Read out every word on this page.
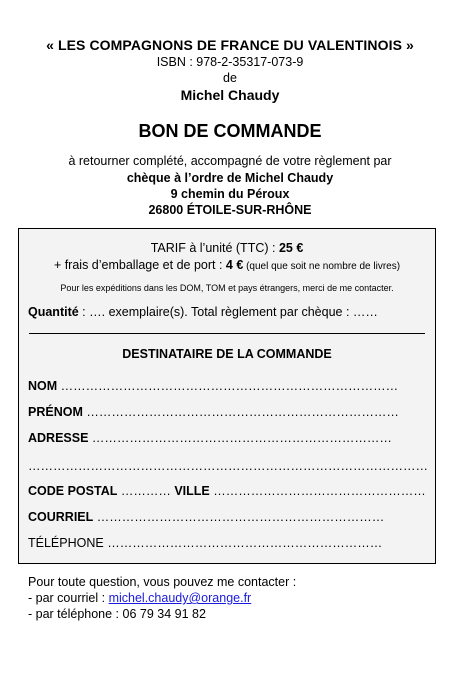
« LES COMPAGNONS DE FRANCE DU VALENTINOIS »
ISBN : 978-2-35317-073-9
de
Michel Chaudy
BON DE COMMANDE
à retourner complété, accompagné de votre règlement par
chèque à l’ordre de Michel Chaudy
9 chemin du Péroux
26800 ÉTOILE-SUR-RHÔNE
TARIF à l’unité (TTC) : 25 €
+ frais d’emballage et de port : 4 € (quel que soit ne nombre de livres)
Pour les expéditions dans les DOM, TOM et pays étrangers, merci de me contacter.
Quantité : …. exemplaire(s). Total règlement par chèque : ……
DESTINATAIRE DE LA COMMANDE
NOM ………………………………………………………………………
PRÉNOM …………………………………………………………………
ADRESSE ………………………………………………………………
……………………………………………………………………………………
CODE POSTAL ………… VILLE ……………………………………………
COURRIEL ……………………………………………………………
TÉLÉPHONE …………………………………………………………
Pour toute question, vous pouvez me contacter :
- par courriel : michel.chaudy@orange.fr
- par téléphone : 06 79 34 91 82
